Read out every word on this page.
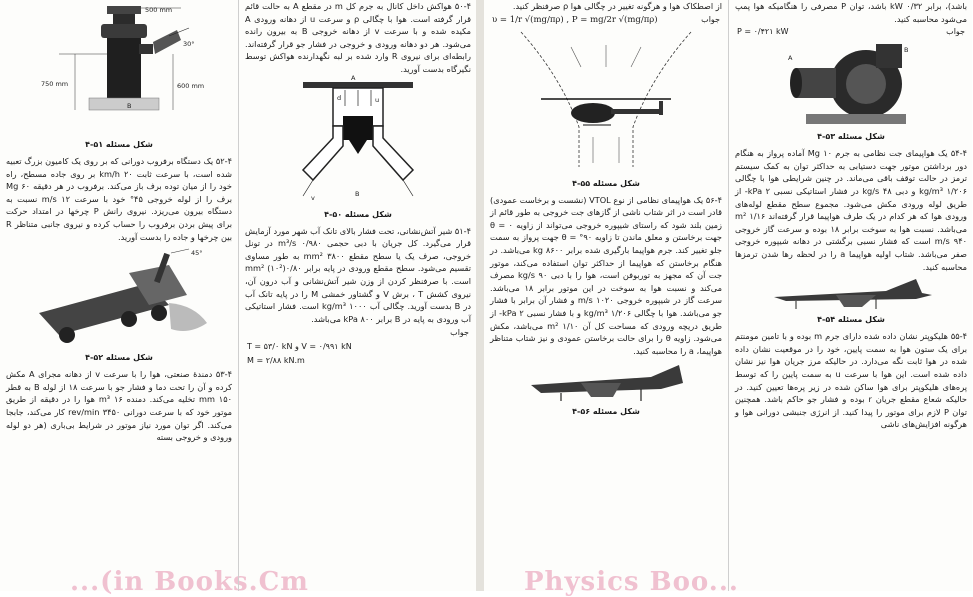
500 mm
30°
750 mm	600 mm
B
شکل مسئله ۵۱-۴

۵۲-۴ یک دستگاه برفروب دورانی که بر روی یک کامیون بزرگ تعبیه شده است، با سرعت ثابت ۲۰ km/h بر روی جاده مسطح، راه خود را از میان توده برف باز می‌کند. برفروب در هر دقیقه Mg ۶۰ برف را از لوله خروجی ۴۵° خود با سرعت m/s ۱۲ نسبت به دستگاه بیرون می‌ریزد. نیروی رانش P چرخها در امتداد حرکت برای پیش بردن برفروب را حساب کرده و نیروی جانبی متناظر R بین چرخها و جاده را بدست آورید.

45°
شکل مسئله ۵۲-۴

۵۳-۴ دمندهٔ صنعتی، هوا را با سرعت v از دهانه مجرای A مکش کرده و آن را تحت دما و فشار جو با سرعت ۱۸ از لوله B به قطر mm ۱۵۰ تخلیه می‌کند. دمنده ۱۶ m³ هوا را در دقیقه از طریق موتور خود که با سرعت دورانی ۳۴۵۰ rev/min کار می‌کند، جابجا می‌کند. اگر توان مورد نیاز موتور در شرایط بی‌باری (هر دو لوله ورودی و خروجی بسته

...(in Books.Cm

۵۰-۴ هواکش داخل کانال به جرم کل m در مقطع A به حالت قائم قرار گرفته است. هوا با چگالی ρ و سرعت u از دهانه ورودی A مکیده شده و با سرعت v از دهانه خروجی B به بیرون رانده می‌شود. هر دو دهانه ورودی و خروجی در فشار جو قرار گرفته‌اند. رابطه‌ای برای نیروی R وارد شده بر لبه نگهدارنده هواکش توسط نگیرگاه بدست آورید.

A
u
d
v	B
شکل مسئله ۵۰-۴

۵۱-۴ شیر آتش‌نشانی، تحت فشار بالای تانک آب شهر مورد آزمایش قرار می‌گیرد. کل جریان با دبی حجمی ۰/۹۸۰ m³/s در تونل خروجی، صرف یک یا سطح مقطع ۳۸۰۰ mm² به طور مساوی تقسیم می‌شود. سطح مقطع ورودی در پایه برابر ۰/۸۰(۱۰²) mm² است. با صرفنظر کردن از وزن شیر آتش‌نشانی و آب درون آن، نیروی کشش T ، برش V و گشتاور خمشی M را در پایه تانک آب در B بدست آورید. چگالی آب ۱۰۰۰ kg/m³ است. فشار استاتیکی آب ورودی به پایه در B برابر ۸۰۰ kPa می‌باشد.

جواب
T = ۵۳/۰ kN و V = ۰/۹۹۱ kN
M = ۲/۸۸ kN.m

از اصطکاک هوا و هرگونه تغییر در چگالی هوا ρ صرفنظر کنید.

υ = 1/r √(mg/πρ) , P = mg/2r √(mg/πρ)	جواب
شکل مسئله ۵۵-۴

۵۶-۴ یک هواپیمای نظامی از نوع VTOL (نشست و برخاست عمودی) قادر است در اثر شتاب ناشی از گازهای جت خروجی به طور قائم از زمین بلند شود که راستای شیپوره خروجی می‌تواند از زاویه θ = ۰ جهت برخاستن و معلق ماندن تا زاویه ۹۰° = θ جهت پرواز به سمت جلو تغییر کند. جرم هواپیما بارگیری شده برابر kg ۸۶۰۰ می‌باشد. در هنگام برخاستن که هواپیما از حداکثر توان استفاده می‌کند، موتور جت آن که مجهز به توربوفن است، هوا را با دبی ۹۰ kg/s مصرف می‌کند و نسبت هوا به سوخت در این موتور برابر ۱۸ می‌باشد. سرعت گاز در شیپوره خروجی ۱۰۲۰ m/s و فشار آن برابر با فشار جو می‌باشد. هوا با چگالی ۱/۲۰۶ kg/m³ و با فشار نسبی kPa ۲- از طریق دریچه ورودی که مساحت کل آن ۱/۱۰ m² می‌باشد، مکش می‌شود. زاویه θ را برای حالت برخاستن عمودی و نیز شتاب متناظر هواپیما، a را محاسبه کنید.

شکل مسئله ۵۶-۴
Physics Boo...

باشد)، برابر ۰/۳۲ kW باشد، توان P مصرفی را هنگامیکه هوا پمپ می‌شود محاسبه کنید.

P = ۰/۴۲۱ kW	جواب
A
B
شکل مسئله ۵۳-۴

۵۴-۴ یک هواپیمای جت نظامی به جرم Mg ۱۰ آماده پرواز به هنگام دور برداشتن موتور جهت دستیابی به حداکثر توان به کمک سیستم ترمز در حالت توقف باقی می‌ماند. در چنین شرایطی هوا با چگالی ۱/۲۰۶ kg/m³ و دبی ۴۸ kg/s در فشار استاتیکی نسبی kPa ۲- از طریق لوله ورودی مکش می‌شود. مجموع سطح مقطع لوله‌های ورودی هوا که هر کدام در یک طرف هواپیما قرار گرفته‌اند ۱/۱۶ m² می‌باشد. نسبت هوا به سوخت برابر ۱۸ بوده و سرعت گاز خروجی ۹۴۰ m/s است که فشار نسبی برگشتی در دهانه شیپوره خروجی صفر می‌باشد. شتاب اولیه هواپیما a را در لحظه رها شدن ترمزها محاسبه کنید.

شکل مسئله ۵۴-۴

۵۵-۴ هلیکوپتر نشان داده شده دارای جرم m بوده و با تامین مومنتم برای یک ستون هوا به سمت پایین، خود را در موقعیت نشان داده شده در هوا ثابت نگه می‌دارد. در حالیکه مرز جریان هوا نیز نشان داده شده است. این هوا با سرعت u به سمت پایین را که توسط پره‌های هلیکوپتر برای هوا ساکن شده در زیر پره‌ها تعیین کنید. در حالیکه شعاع مقطع جریان r بوده و فشار جو حاکم باشد. همچنین توان P لازم برای موتور را پیدا کنید. از انرژی جنبشی دورانی هوا و هرگونه افزایش‌های ناشی
